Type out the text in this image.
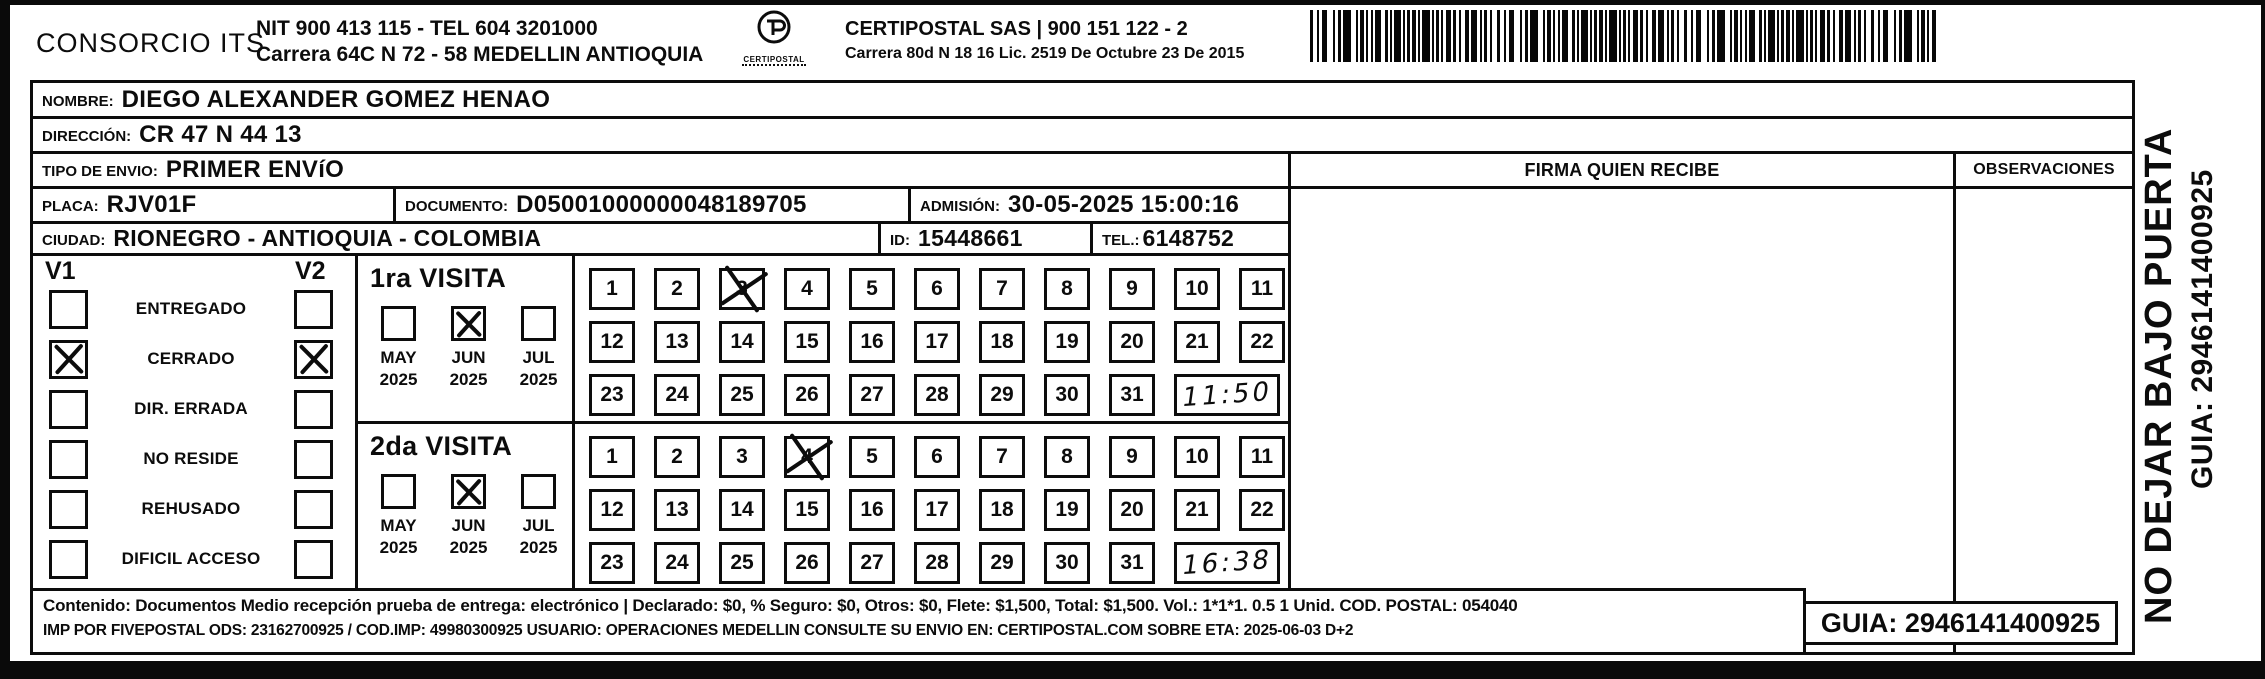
CONSORCIO ITS
NIT 900 413 115 - TEL 604 3201000
Carrera 64C N 72 - 58 MEDELLIN ANTIOQUIA	CERTIPOSTAL
CERTIPOSTAL SAS | 900 151 122 - 2
Carrera 80d N 18 16 Lic. 2519 De Octubre 23 De 2015
NOMBRE: DIEGO ALEXANDER GOMEZ HENAO
DIRECCIÓN: CR 47 N 44 13
TIPO DE ENVIO: PRIMER ENVíO	FIRMA QUIEN RECIBE	OBSERVACIONES
PLACA: RJV01F	DOCUMENTO: D05001000000048189705	ADMISIÓN: 30-05-2025 15:00:16
CIUDAD: RIONEGRO - ANTIOQUIA - COLOMBIA	ID: 15448661	TEL.: 6148752
V1	V2
ENTREGADO
CERRADO
DIR. ERRADA
NO RESIDE
REHUSADO
DIFICIL ACCESO
1ra VISITA
MAY
2025
JUN
2025
JUL
2025
2da VISITA
MAY
2025
JUN
2025
JUL
2025
1	2	3	4	5	6	7	8	9	10	11
12	13	14	15	16	17	18	19	20	21	22
23	24	25	26	27	28	29	30	31	11:50
1	2	3	4	5	6	7	8	9	10	11
12	13	14	15	16	17	18	19	20	21	22
23	24	25	26	27	28	29	30	31	16:38
Contenido: Documentos Medio recepción prueba de entrega: electrónico | Declarado: $0, % Seguro: $0, Otros: $0, Flete: $1,500, Total: $1,500. Vol.: 1*1*1. 0.5 1 Unid. COD. POSTAL: 054040
IMP POR FIVEPOSTAL ODS: 23162700925 / COD.IMP: 49980300925 USUARIO: OPERACIONES MEDELLIN CONSULTE SU ENVIO EN: CERTIPOSTAL.COM SOBRE ETA: 2025-06-03 D+2	GUIA: 2946141400925 NO DEJAR BAJO PUERTA GUIA: 2946141400925
